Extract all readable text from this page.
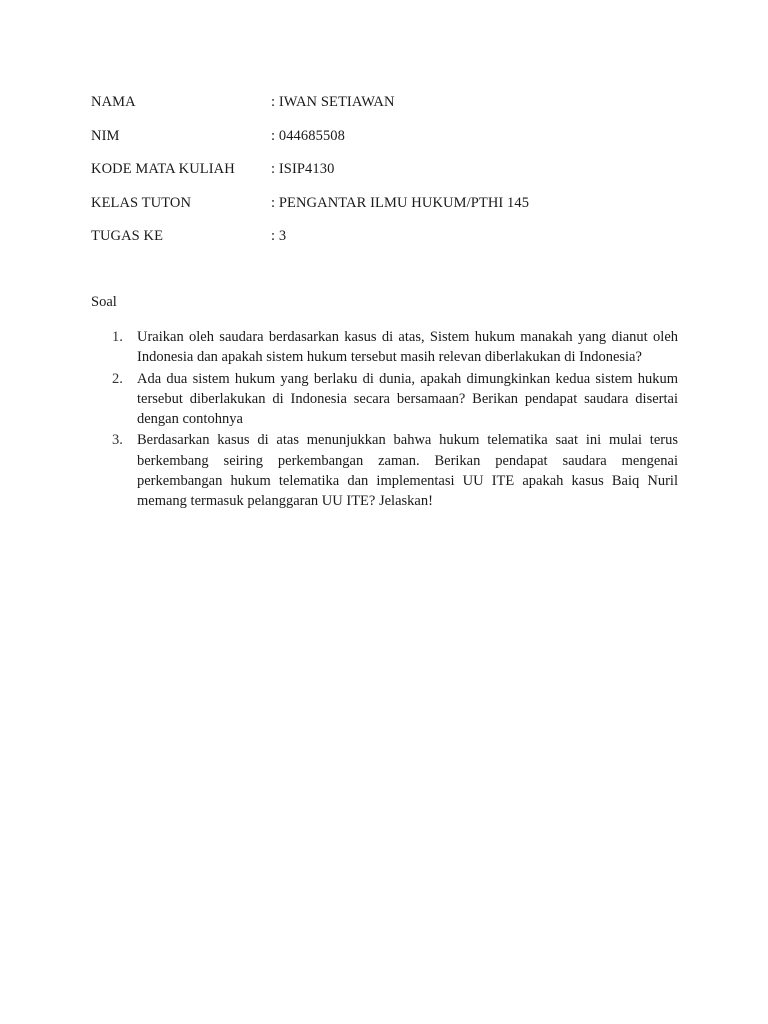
NAMA	: IWAN SETIAWAN
NIM	: 044685508
KODE MATA KULIAH : ISIP4130
KELAS TUTON	: PENGANTAR ILMU HUKUM/PTHI 145
TUGAS KE	: 3
Soal
1. Uraikan oleh saudara berdasarkan kasus di atas, Sistem hukum manakah yang dianut oleh Indonesia dan apakah sistem hukum tersebut masih relevan diberlakukan di Indonesia?
2. Ada dua sistem hukum yang berlaku di dunia, apakah dimungkinkan kedua sistem hukum tersebut diberlakukan di Indonesia secara bersamaan? Berikan pendapat saudara disertai dengan contohnya
3. Berdasarkan kasus di atas menunjukkan bahwa hukum telematika saat ini mulai terus berkembang seiring perkembangan zaman. Berikan pendapat saudara mengenai perkembangan hukum telematika dan implementasi UU ITE apakah kasus Baiq Nuril memang termasuk pelanggaran UU ITE? Jelaskan!
